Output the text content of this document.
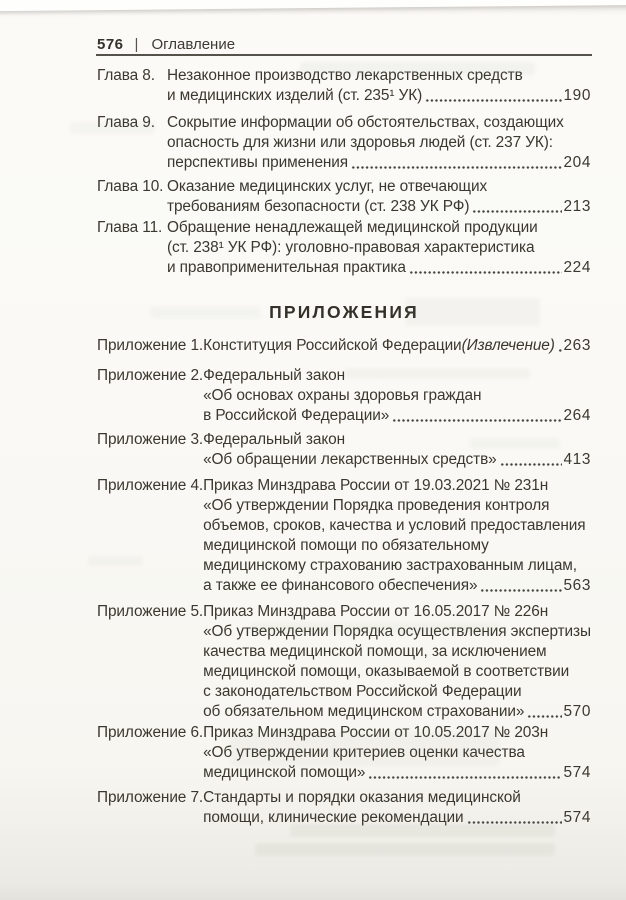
576 | Оглавление
Глава 8. Незаконное производство лекарственных средств
и медицинских изделий (ст. 235¹ УК)	190
Глава 9. Сокрытие информации об обстоятельствах, создающих
опасность для жизни или здоровья людей (ст. 237 УК):
перспективы применения	204
Глава 10. Оказание медицинских услуг, не отвечающих
требованиям безопасности (ст. 238 УК РФ)	213
Глава 11. Обращение ненадлежащей медицинской продукции
(ст. 238¹ УК РФ): уголовно-правовая характеристика
и правоприменительная практика	224
ПРИЛОЖЕНИЯ
Приложение 1. Конституция Российской Федерации (Извлечение) 263
Приложение 2. Федеральный закон
«Об основах охраны здоровья граждан
в Российской Федерации»	264
Приложение 3. Федеральный закон
«Об обращении лекарственных средств»	413
Приложение 4. Приказ Минздрава России от 19.03.2021 № 231н
«Об утверждении Порядка проведения контроля
объемов, сроков, качества и условий предоставления
медицинской помощи по обязательному
медицинскому страхованию застрахованным лицам,
а также ее финансового обеспечения»	563
Приложение 5. Приказ Минздрава России от 16.05.2017 № 226н
«Об утверждении Порядка осуществления экспертизы
качества медицинской помощи, за исключением
медицинской помощи, оказываемой в соответствии
с законодательством Российской Федерации
об обязательном медицинском страховании»	570
Приложение 6. Приказ Минздрава России от 10.05.2017 № 203н
«Об утверждении критериев оценки качества
медицинской помощи»	574
Приложение 7. Стандарты и порядки оказания медицинской
помощи, клинические рекомендации	574
